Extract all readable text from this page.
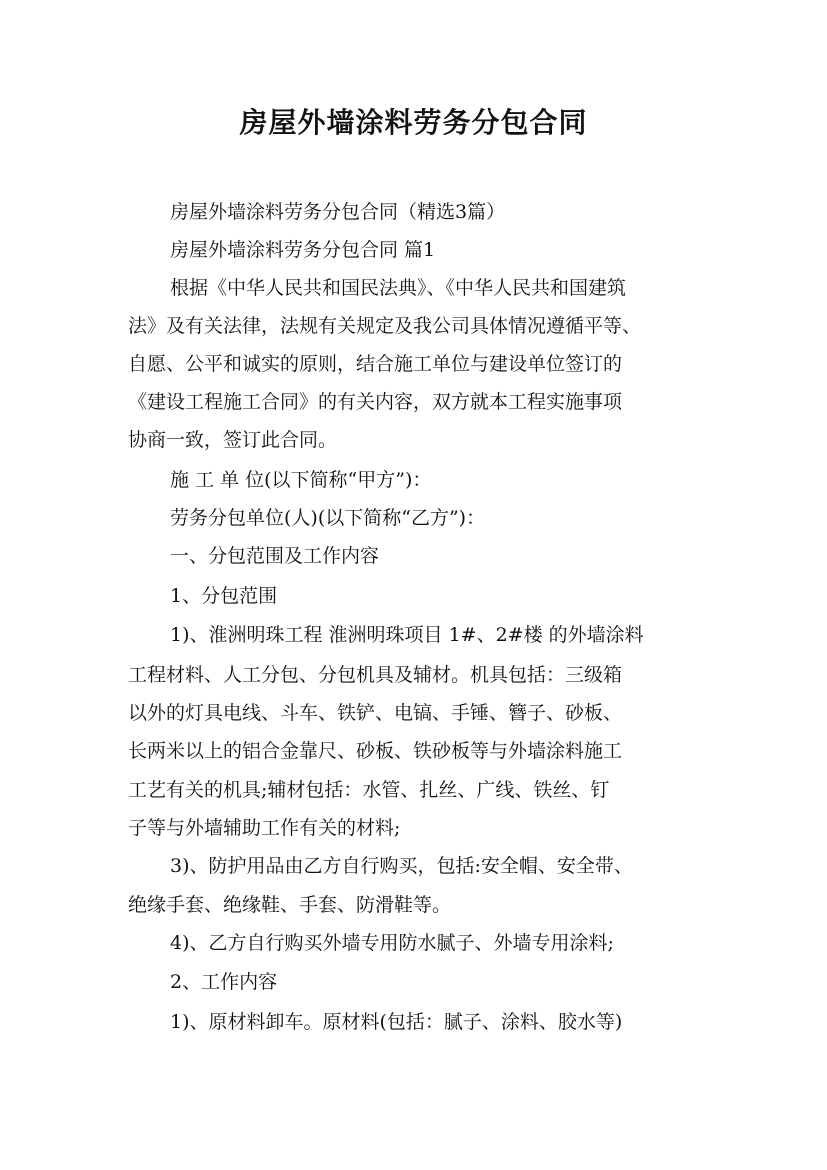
房屋外墙涂料劳务分包合同
房屋外墙涂料劳务分包合同（精选3篇）
房屋外墙涂料劳务分包合同 篇1
根据《中华人民共和国民法典》、《中华人民共和国建筑
法》及有关法律，法规有关规定及我公司具体情况遵循平等、
自愿、公平和诚实的原则，结合施工单位与建设单位签订的
《建设工程施工合同》的有关内容，双方就本工程实施事项
协商一致，签订此合同。
施 工 单 位(以下简称“甲方”)：
劳务分包单位(人)(以下简称“乙方”)：
一、分包范围及工作内容
1、分包范围
1)、淮洲明珠工程 淮洲明珠项目 1#、2#楼 的外墙涂料
工程材料、人工分包、分包机具及辅材。机具包括：三级箱
以外的灯具电线、斗车、铁铲、电镐、手锤、簪子、砂板、
长两米以上的铝合金靠尺、砂板、铁砂板等与外墙涂料施工
工艺有关的机具;辅材包括：水管、扎丝、广线、铁丝、钉
子等与外墙辅助工作有关的材料;
3)、防护用品由乙方自行购买，包括:安全帽、安全带、
绝缘手套、绝缘鞋、手套、防滑鞋等。
4)、乙方自行购买外墙专用防水腻子、外墙专用涂料;
2、工作内容
1)、原材料卸车。原材料(包括：腻子、涂料、胶水等)
